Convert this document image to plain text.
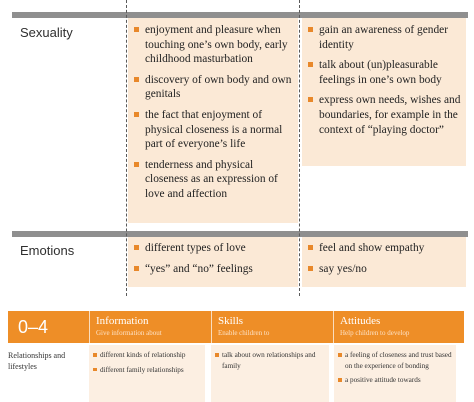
Sexuality
Emotions
enjoyment and pleasure when touching one’s own body, early childhood masturbation
discovery of own body and own genitals
the fact that enjoyment of physical closeness is a normal part of everyone’s life
tenderness and physical closeness as an expression of love and affection
gain an awareness of gender identity
talk about (un)pleasurable feelings in one’s own body
express own needs, wishes and boundaries, for example in the context of “playing doctor”
different types of love
“yes” and “no” feelings
feel and show empathy
say yes/no
0–4	Information
Give information about
Skills
Enable children to
Attitudes
Help children to develop
Relationships and lifestyles
different kinds of relationship
different family relationships
talk about own relationships and family
a feeling of closeness and trust based on the experience of bonding
a positive attitude towards
